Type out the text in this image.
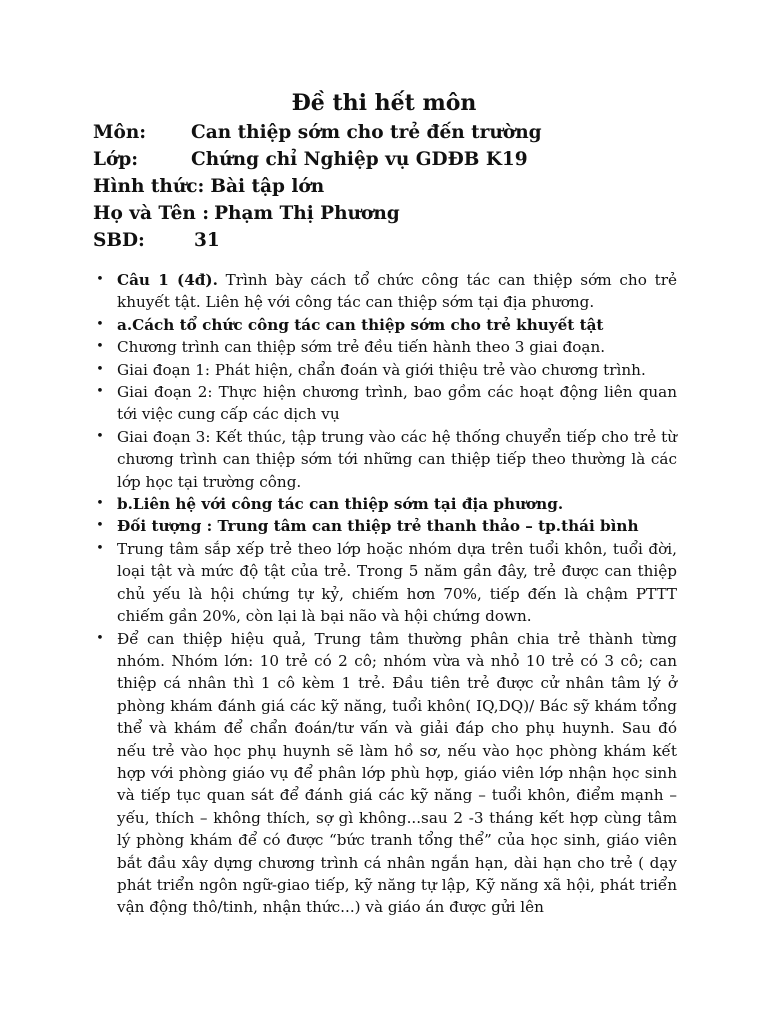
Đề thi hết môn
Môn:	Can thiệp sớm cho trẻ đến trường
Lớp:	Chứng chỉ Nghiệp vụ GDĐB K19
Hình thức: Bài tập lớn
Họ và Tên : Phạm Thị Phương
SBD:	31
• Câu 1 (4đ). Trình bày cách tổ chức công tác can thiệp sớm cho trẻ khuyết tật. Liên hệ với công tác can thiệp sớm tại địa phương.
• a.Cách tổ chức công tác can thiệp sớm cho trẻ khuyết tật
• Chương trình can thiệp sớm trẻ đều tiến hành theo 3 giai đoạn.
• Giai đoạn 1: Phát hiện, chẩn đoán và giới thiệu trẻ vào chương trình.
• Giai đoạn 2: Thực hiện chương trình, bao gồm các hoạt động liên quan tới việc cung cấp các dịch vụ
• Giai đoạn 3: Kết thúc, tập trung vào các hệ thống chuyển tiếp cho trẻ từ chương trình can thiệp sớm tới những can thiệp tiếp theo thường là các lớp học tại trường công.
• b.Liên hệ với công tác can thiệp sớm tại địa phương.
• Đối tượng : Trung tâm can thiệp trẻ thanh thảo – tp.thái bình
• Trung tâm sắp xếp trẻ theo lớp hoặc nhóm dựa trên tuổi khôn, tuổi đời, loại tật và mức độ tật của trẻ. Trong 5 năm gần đây, trẻ được can thiệp chủ yếu là hội chứng tự kỷ, chiếm hơn 70%, tiếp đến là chậm PTTT chiếm gần 20%, còn lại là bại não và hội chứng down.
• Để can thiệp hiệu quả, Trung tâm thường phân chia trẻ thành từng nhóm. Nhóm lớn: 10 trẻ có 2 cô; nhóm vừa và nhỏ 10 trẻ có 3 cô; can thiệp cá nhân thì 1 cô kèm 1 trẻ. Đầu tiên trẻ được cử nhân tâm lý ở phòng khám đánh giá các kỹ năng, tuổi khôn( IQ,DQ)/ Bác sỹ khám tổng thể và khám để chẩn đoán/tư vấn và giải đáp cho phụ huynh. Sau đó nếu trẻ vào học phụ huynh sẽ làm hồ sơ, nếu vào học phòng khám kết hợp với phòng giáo vụ để phân lớp phù hợp, giáo viên lớp nhận học sinh và tiếp tục quan sát để đánh giá các kỹ năng – tuổi khôn, điểm mạnh – yếu, thích – không thích, sợ gì không...sau 2 -3 tháng kết hợp cùng tâm lý phòng khám để có được “bức tranh tổng thể” của học sinh, giáo viên bắt đầu xây dựng chương trình cá nhân ngắn hạn, dài hạn cho trẻ ( dạy phát triển ngôn ngữ-giao tiếp, kỹ năng tự lập, Kỹ năng xã hội, phát triển vận động thô/tinh, nhận thức...) và giáo án được gửi lên
